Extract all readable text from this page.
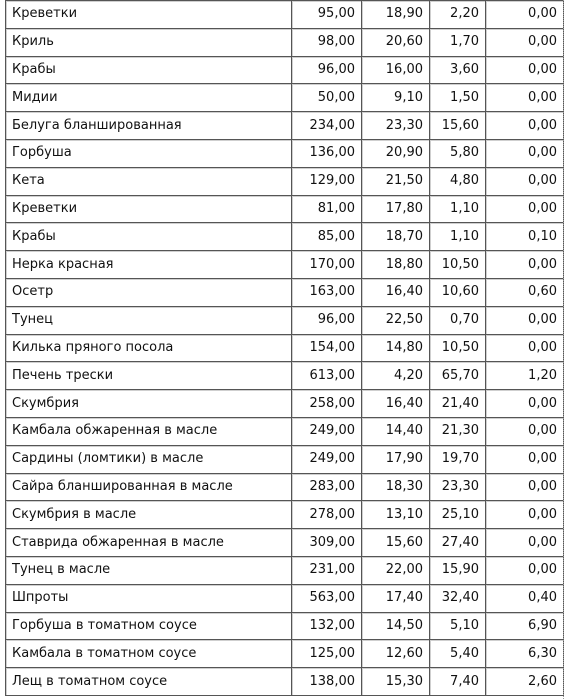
Креветки	95,00	18,90	2,20	0,00
Криль	98,00	20,60	1,70	0,00
Крабы	96,00	16,00	3,60	0,00
Мидии	50,00	9,10	1,50	0,00
Белуга бланшированная	234,00	23,30	15,60	0,00
Горбуша	136,00	20,90	5,80	0,00
Кета	129,00	21,50	4,80	0,00
Креветки	81,00	17,80	1,10	0,00
Крабы	85,00	18,70	1,10	0,10
Нерка красная	170,00	18,80	10,50	0,00
Осетр	163,00	16,40	10,60	0,60
Тунец	96,00	22,50	0,70	0,00
Килька пряного посола	154,00	14,80	10,50	0,00
Печень трески	613,00	4,20	65,70	1,20
Скумбрия	258,00	16,40	21,40	0,00
Камбала обжаренная в масле	249,00	14,40	21,30	0,00
Сардины (ломтики) в масле	249,00	17,90	19,70	0,00
Сайра бланшированная в масле	283,00	18,30	23,30	0,00
Скумбрия в масле	278,00	13,10	25,10	0,00
Ставрида обжаренная в масле	309,00	15,60	27,40	0,00
Тунец в масле	231,00	22,00	15,90	0,00
Шпроты	563,00	17,40	32,40	0,40
Горбуша в томатном соусе	132,00	14,50	5,10	6,90
Камбала в томатном соусе	125,00	12,60	5,40	6,30
Лещ в томатном соусе	138,00	15,30	7,40	2,60
